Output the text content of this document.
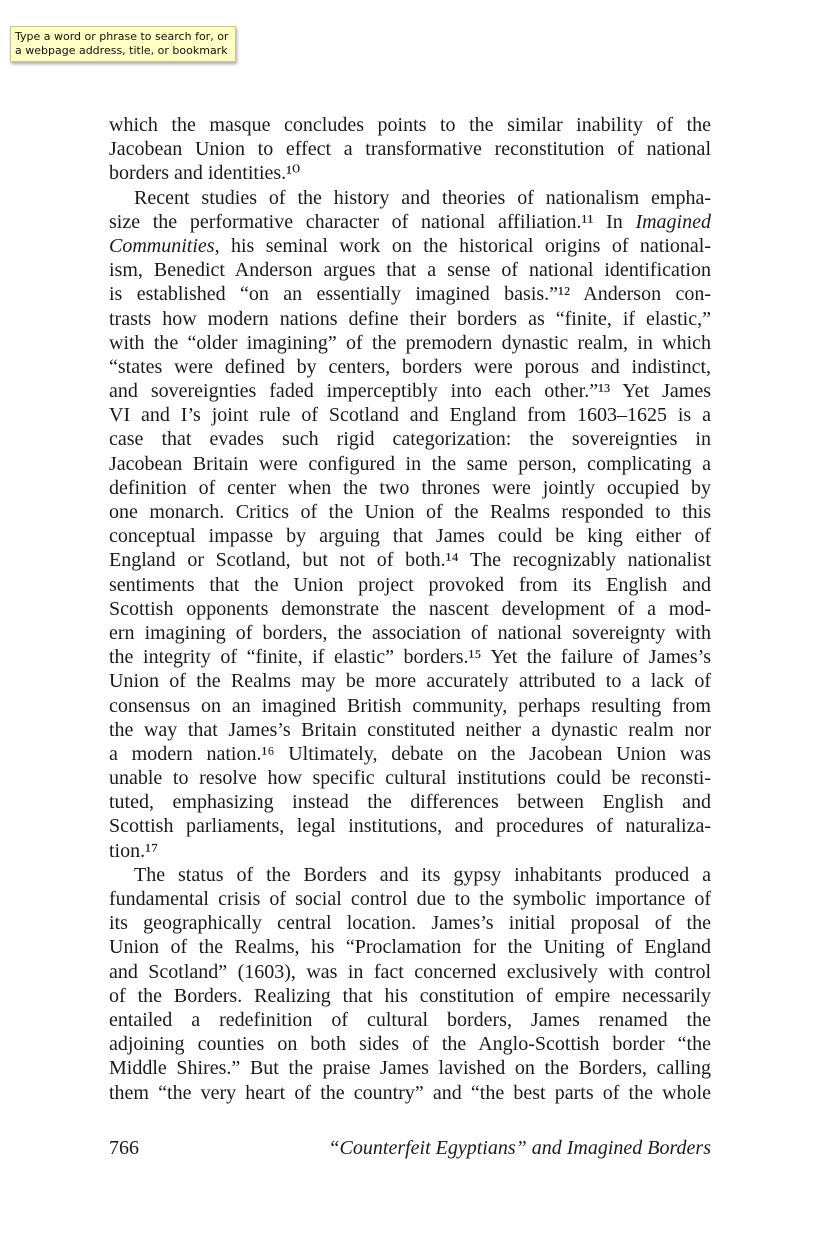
Type a word or phrase to search for, or a webpage address, title, or bookmark
which the masque concludes points to the similar inability of the
Jacobean Union to effect a transformative reconstitution of national
borders and identities.¹⁰
Recent studies of the history and theories of nationalism empha-
size the performative character of national affiliation.¹¹ In Imagined
Communities, his seminal work on the historical origins of national-
ism, Benedict Anderson argues that a sense of national identification
is established “on an essentially imagined basis.”¹² Anderson con-
trasts how modern nations define their borders as “finite, if elastic,”
with the “older imagining” of the premodern dynastic realm, in which
“states were defined by centers, borders were porous and indistinct,
and sovereignties faded imperceptibly into each other.”¹³ Yet James
VI and I’s joint rule of Scotland and England from 1603–1625 is a
case that evades such rigid categorization: the sovereignties in
Jacobean Britain were configured in the same person, complicating a
definition of center when the two thrones were jointly occupied by
one monarch. Critics of the Union of the Realms responded to this
conceptual impasse by arguing that James could be king either of
England or Scotland, but not of both.¹⁴ The recognizably nationalist
sentiments that the Union project provoked from its English and
Scottish opponents demonstrate the nascent development of a mod-
ern imagining of borders, the association of national sovereignty with
the integrity of “finite, if elastic” borders.¹⁵ Yet the failure of James’s
Union of the Realms may be more accurately attributed to a lack of
consensus on an imagined British community, perhaps resulting from
the way that James’s Britain constituted neither a dynastic realm nor
a modern nation.¹⁶ Ultimately, debate on the Jacobean Union was
unable to resolve how specific cultural institutions could be reconsti-
tuted, emphasizing instead the differences between English and
Scottish parliaments, legal institutions, and procedures of naturaliza-
tion.¹⁷
The status of the Borders and its gypsy inhabitants produced a
fundamental crisis of social control due to the symbolic importance of
its geographically central location. James’s initial proposal of the
Union of the Realms, his “Proclamation for the Uniting of England
and Scotland” (1603), was in fact concerned exclusively with control
of the Borders. Realizing that his constitution of empire necessarily
entailed a redefinition of cultural borders, James renamed the
adjoining counties on both sides of the Anglo-Scottish border “the
Middle Shires.” But the praise James lavished on the Borders, calling
them “the very heart of the country” and “the best parts of the whole
766	“Counterfeit Egyptians” and Imagined Borders
